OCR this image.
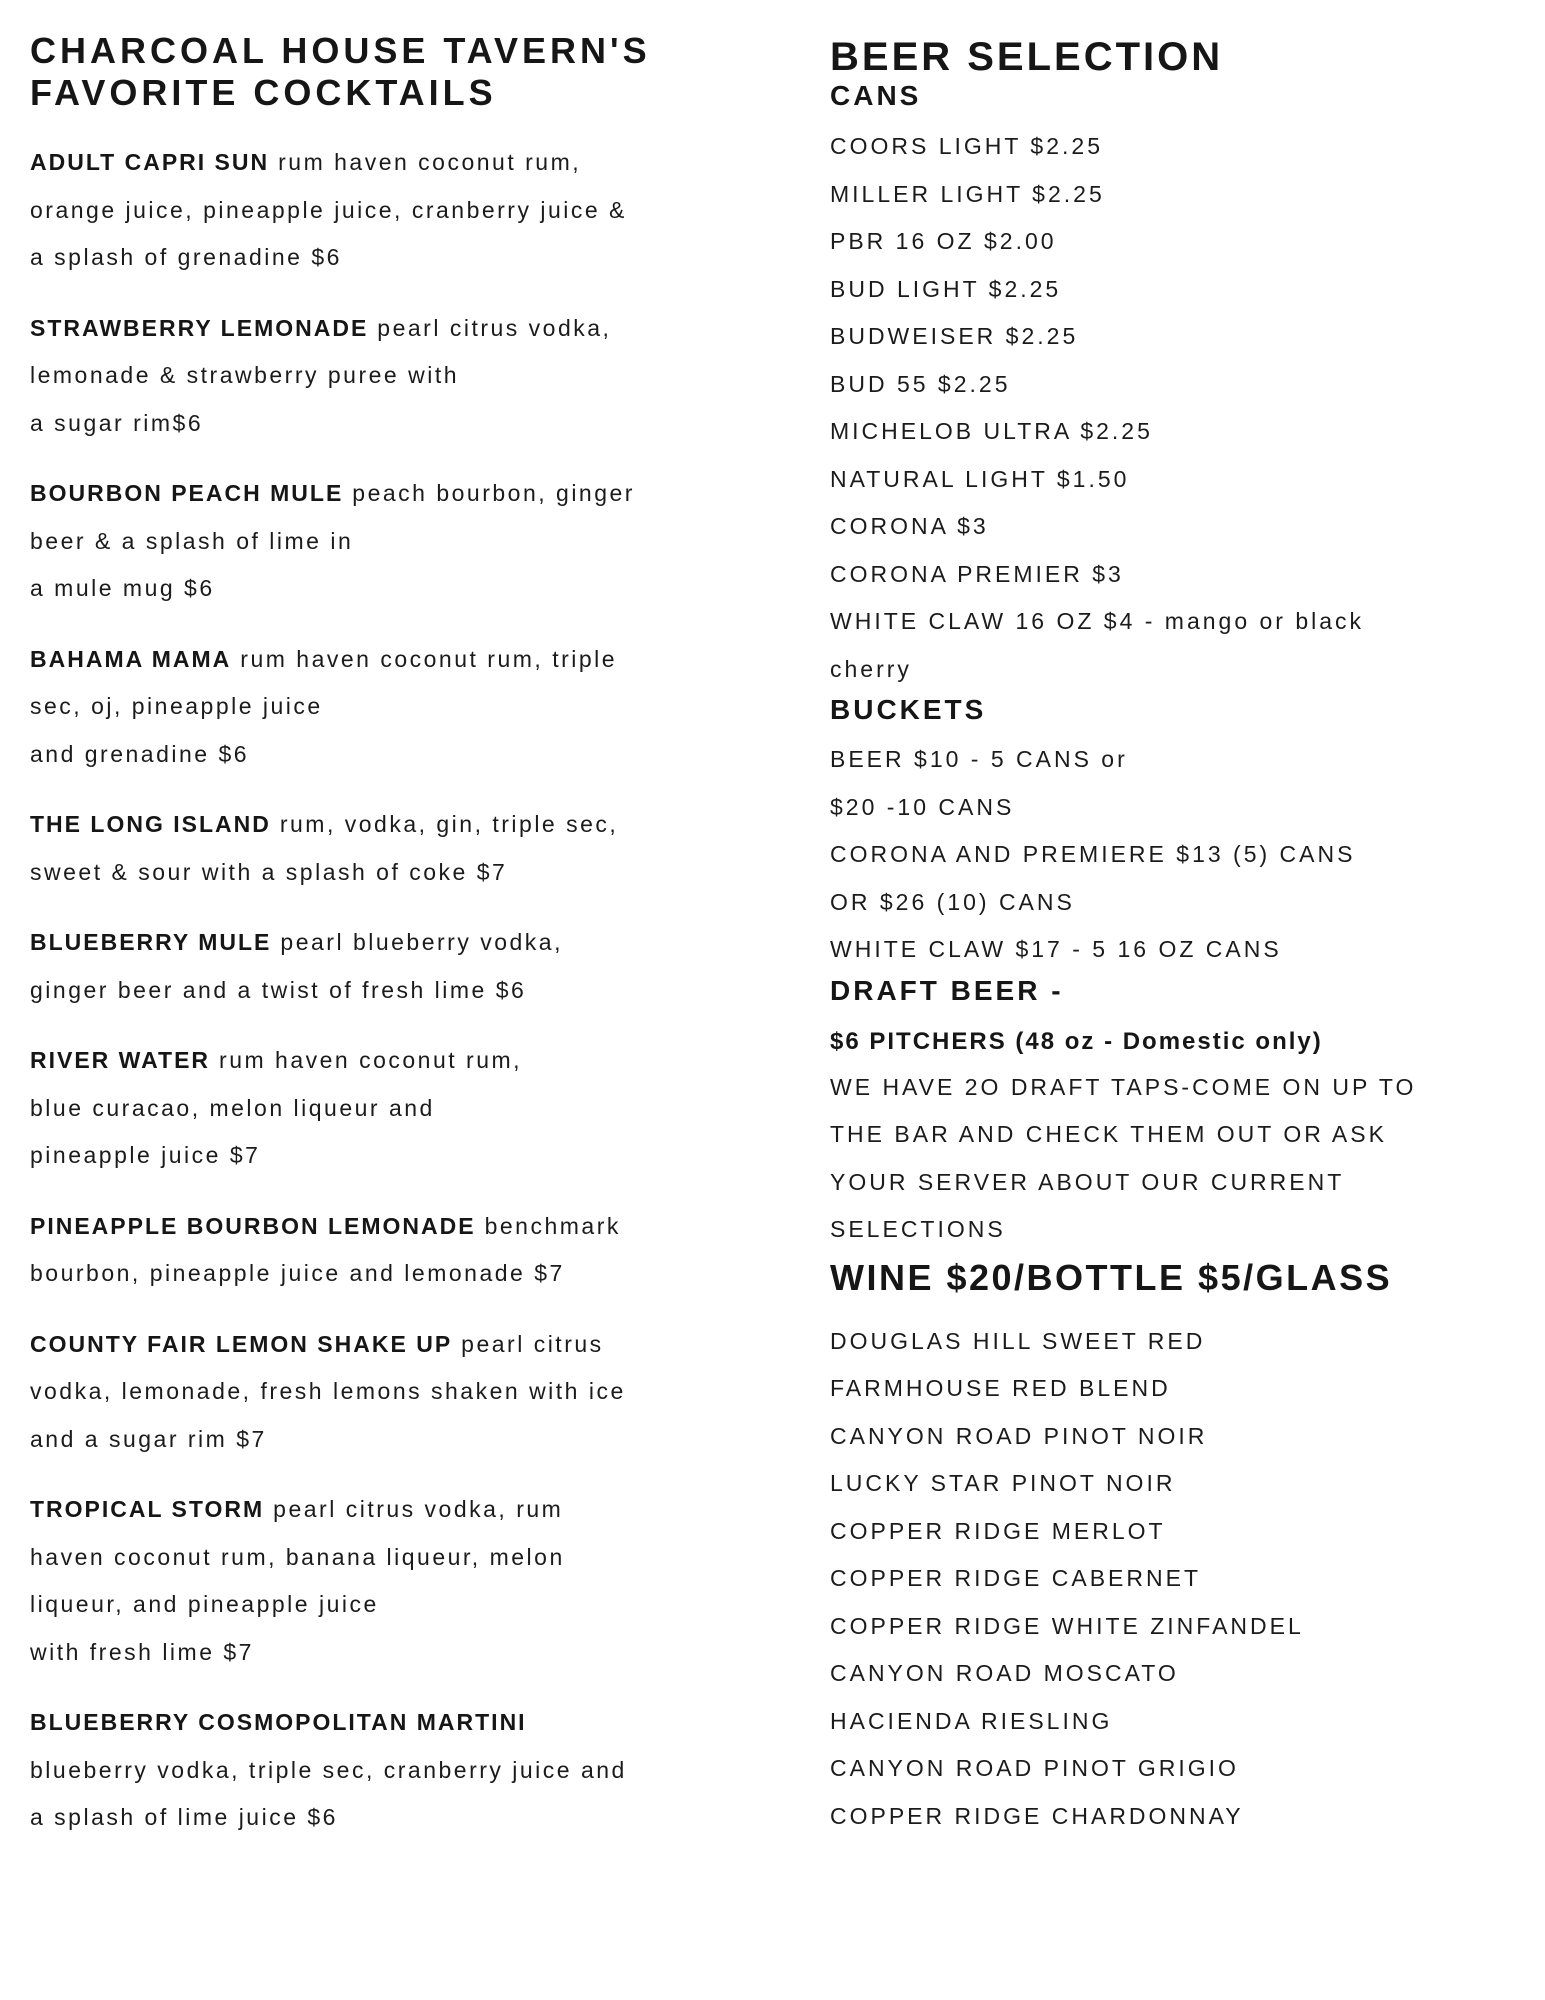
CHARCOAL HOUSE TAVERN'S
FAVORITE COCKTAILS

ADULT CAPRI SUN rum haven coconut rum,
orange juice, pineapple juice, cranberry juice &
a splash of grenadine $6

STRAWBERRY LEMONADE pearl citrus vodka,
lemonade & strawberry puree with
a sugar rim$6

BOURBON PEACH MULE peach bourbon, ginger
beer & a splash of lime in
a mule mug $6

BAHAMA MAMA rum haven coconut rum, triple
sec, oj, pineapple juice
and grenadine $6

THE LONG ISLAND rum, vodka, gin, triple sec,
sweet & sour with a splash of coke $7

BLUEBERRY MULE pearl blueberry vodka,
ginger beer and a twist of fresh lime $6

RIVER WATER rum haven coconut rum,
blue curacao, melon liqueur and
pineapple juice $7

PINEAPPLE BOURBON LEMONADE benchmark
bourbon, pineapple juice and lemonade $7

COUNTY FAIR LEMON SHAKE UP pearl citrus
vodka, lemonade, fresh lemons shaken with ice
and a sugar rim $7

TROPICAL STORM pearl citrus vodka, rum
haven coconut rum, banana liqueur, melon
liqueur, and pineapple juice
with fresh lime $7

BLUEBERRY COSMOPOLITAN MARTINI
blueberry vodka, triple sec, cranberry juice and
a splash of lime juice $6

BEER SELECTION
CANS
COORS LIGHT $2.25
MILLER LIGHT $2.25
PBR 16 OZ $2.00
BUD LIGHT $2.25
BUDWEISER $2.25
BUD 55 $2.25
MICHELOB ULTRA $2.25
NATURAL LIGHT $1.50
CORONA $3
CORONA PREMIER $3
WHITE CLAW 16 OZ $4 - mango or black
cherry
BUCKETS
BEER $10 - 5 CANS or
$20 -10 CANS
CORONA AND PREMIERE $13 (5) CANS
OR $26 (10) CANS
WHITE CLAW $17 - 5 16 OZ CANS
DRAFT BEER -
$6 PITCHERS (48 oz - Domestic only)
WE HAVE 2O DRAFT TAPS-COME ON UP TO
THE BAR AND CHECK THEM OUT OR ASK
YOUR SERVER ABOUT OUR CURRENT
SELECTIONS
WINE $20/BOTTLE $5/GLASS
DOUGLAS HILL SWEET RED
FARMHOUSE RED BLEND
CANYON ROAD PINOT NOIR
LUCKY STAR PINOT NOIR
COPPER RIDGE MERLOT
COPPER RIDGE CABERNET
COPPER RIDGE WHITE ZINFANDEL
CANYON ROAD MOSCATO
HACIENDA RIESLING
CANYON ROAD PINOT GRIGIO
COPPER RIDGE CHARDONNAY
